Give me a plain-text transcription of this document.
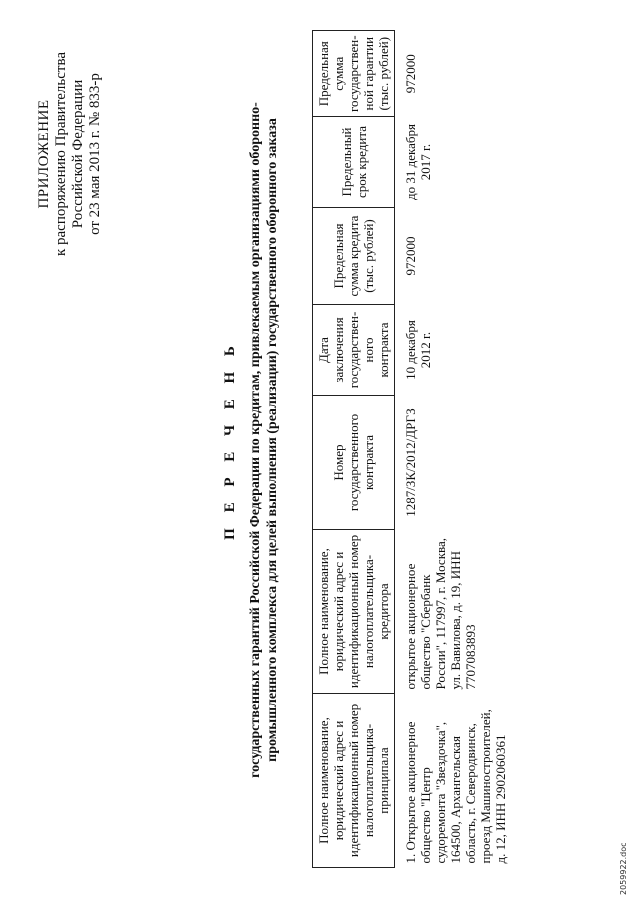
ПРИЛОЖЕНИЕ к распоряжению Правительства Российской Федерации от 23 мая 2013 г. № 833-р
П Е Р Е Ч Е Н Ь государственных гарантий Российской Федерации по кредитам, привлекаемым организациями оборонно- промышленного комплекса для целей выполнения (реализации) государственного оборонного заказа
Полное наименование, юридический адрес и идентификационный номер налогоплательщика-принципала	Полное наименование, юридический адрес и идентификационный номер налогоплательщика-кредитора	Номер государственного контракта	Дата заключения государствен-ного контракта	Предельная сумма кредита (тыс. рублей)	Предельный срок кредита	Предельная сумма государствен-ной гарантии (тыс. рублей)
1. Открытое акционерное общество "Центр судоремонта "Звездочка", 164500, Архангельская область, г. Северодвинск, проезд Машиностроителей, д. 12, ИНН 2902060361	открытое акционерное общество "Сбербанк России", 117997, г. Москва, ул. Вавилова, д. 19, ИНН 7707083893	1287/ЗК/2012/ДРГЗ	10 декабря 2012 г.	972000	до 31 декабря 2017 г.	972000
2059922.doc
